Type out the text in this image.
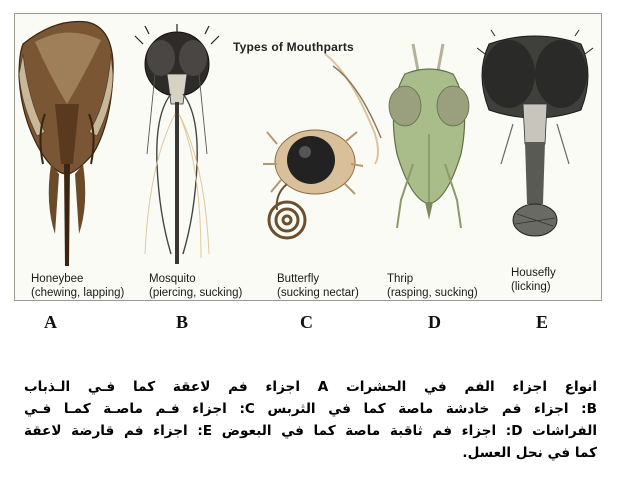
Types of Mouthparts
Honeybee
(chewing, lapping)
Mosquito
(piercing, sucking)
Butterfly
(sucking nectar)
Thrip
(rasping, sucking)
Housefly
(licking)
A	B	C	D	E
انواع اجزاء الفم في الحشرات A اجزاء فم لاعقة كما فـي الـذباب
B: اجزاء فم خادشة ماصة كما في الثربس C: اجزاء فـم ماصـة كمـا فـي
الفراشات D: اجزاء فم ثاقبة ماصة كما في البعوض E: اجزاء فم قارضة لاعقة
كما في نحل العسل.
